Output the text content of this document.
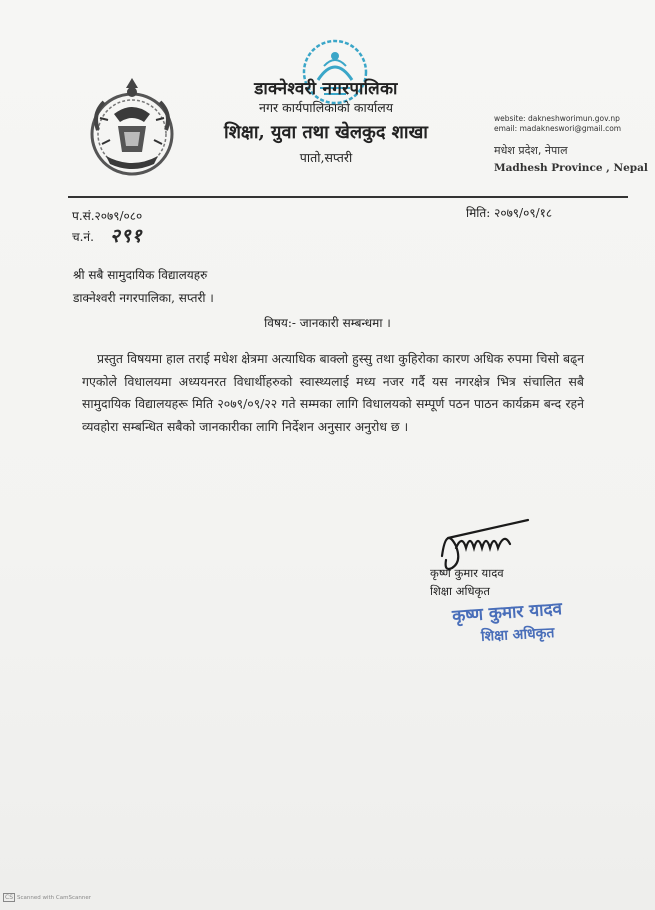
डाक्नेश्वरी नगरपालिका
नगर कार्यपालिकाको कार्यालय
शिक्षा, युवा तथा खेलकुद शाखा
पातो,सप्तरी
website: dakneshworimun.gov.np
email: madakneswori@gmail.com
मधेश प्रदेश, नेपाल
Madhesh Province , Nepal
प.सं.२०७९/०८०	मिति: २०७९/०९/१८
च.नं. २९१
श्री सबै सामुदायिक विद्यालयहरु
डाक्नेश्वरी नगरपालिका, सप्तरी ।
विषय:- जानकारी सम्बन्धमा ।
प्रस्तुत विषयमा हाल तराई मधेश क्षेत्रमा अत्याधिक बाक्लो हुस्सु तथा कुहिरोका कारण अधिक रुपमा चिसो बढ्न गएकोले विधालयमा अध्ययनरत विधार्थीहरुको स्वास्थ्यलाई मध्य नजर गर्दै यस नगरक्षेत्र भित्र संचालित सबै सामुदायिक विद्यालयहरू मिति २०७९/०९/२२ गते सम्मका लागि विधालयको सम्पूर्ण पठन पाठन कार्यक्रम बन्द रहने व्यवहोरा सम्बन्धित सबैको जानकारीका लागि निर्देशन अनुसार अनुरोध छ ।
कृष्ण कुमार यादव
शिक्षा अधिकृत
कृष्ण कुमार यादव
शिक्षा अधिकृत
CS Scanned with CamScanner
